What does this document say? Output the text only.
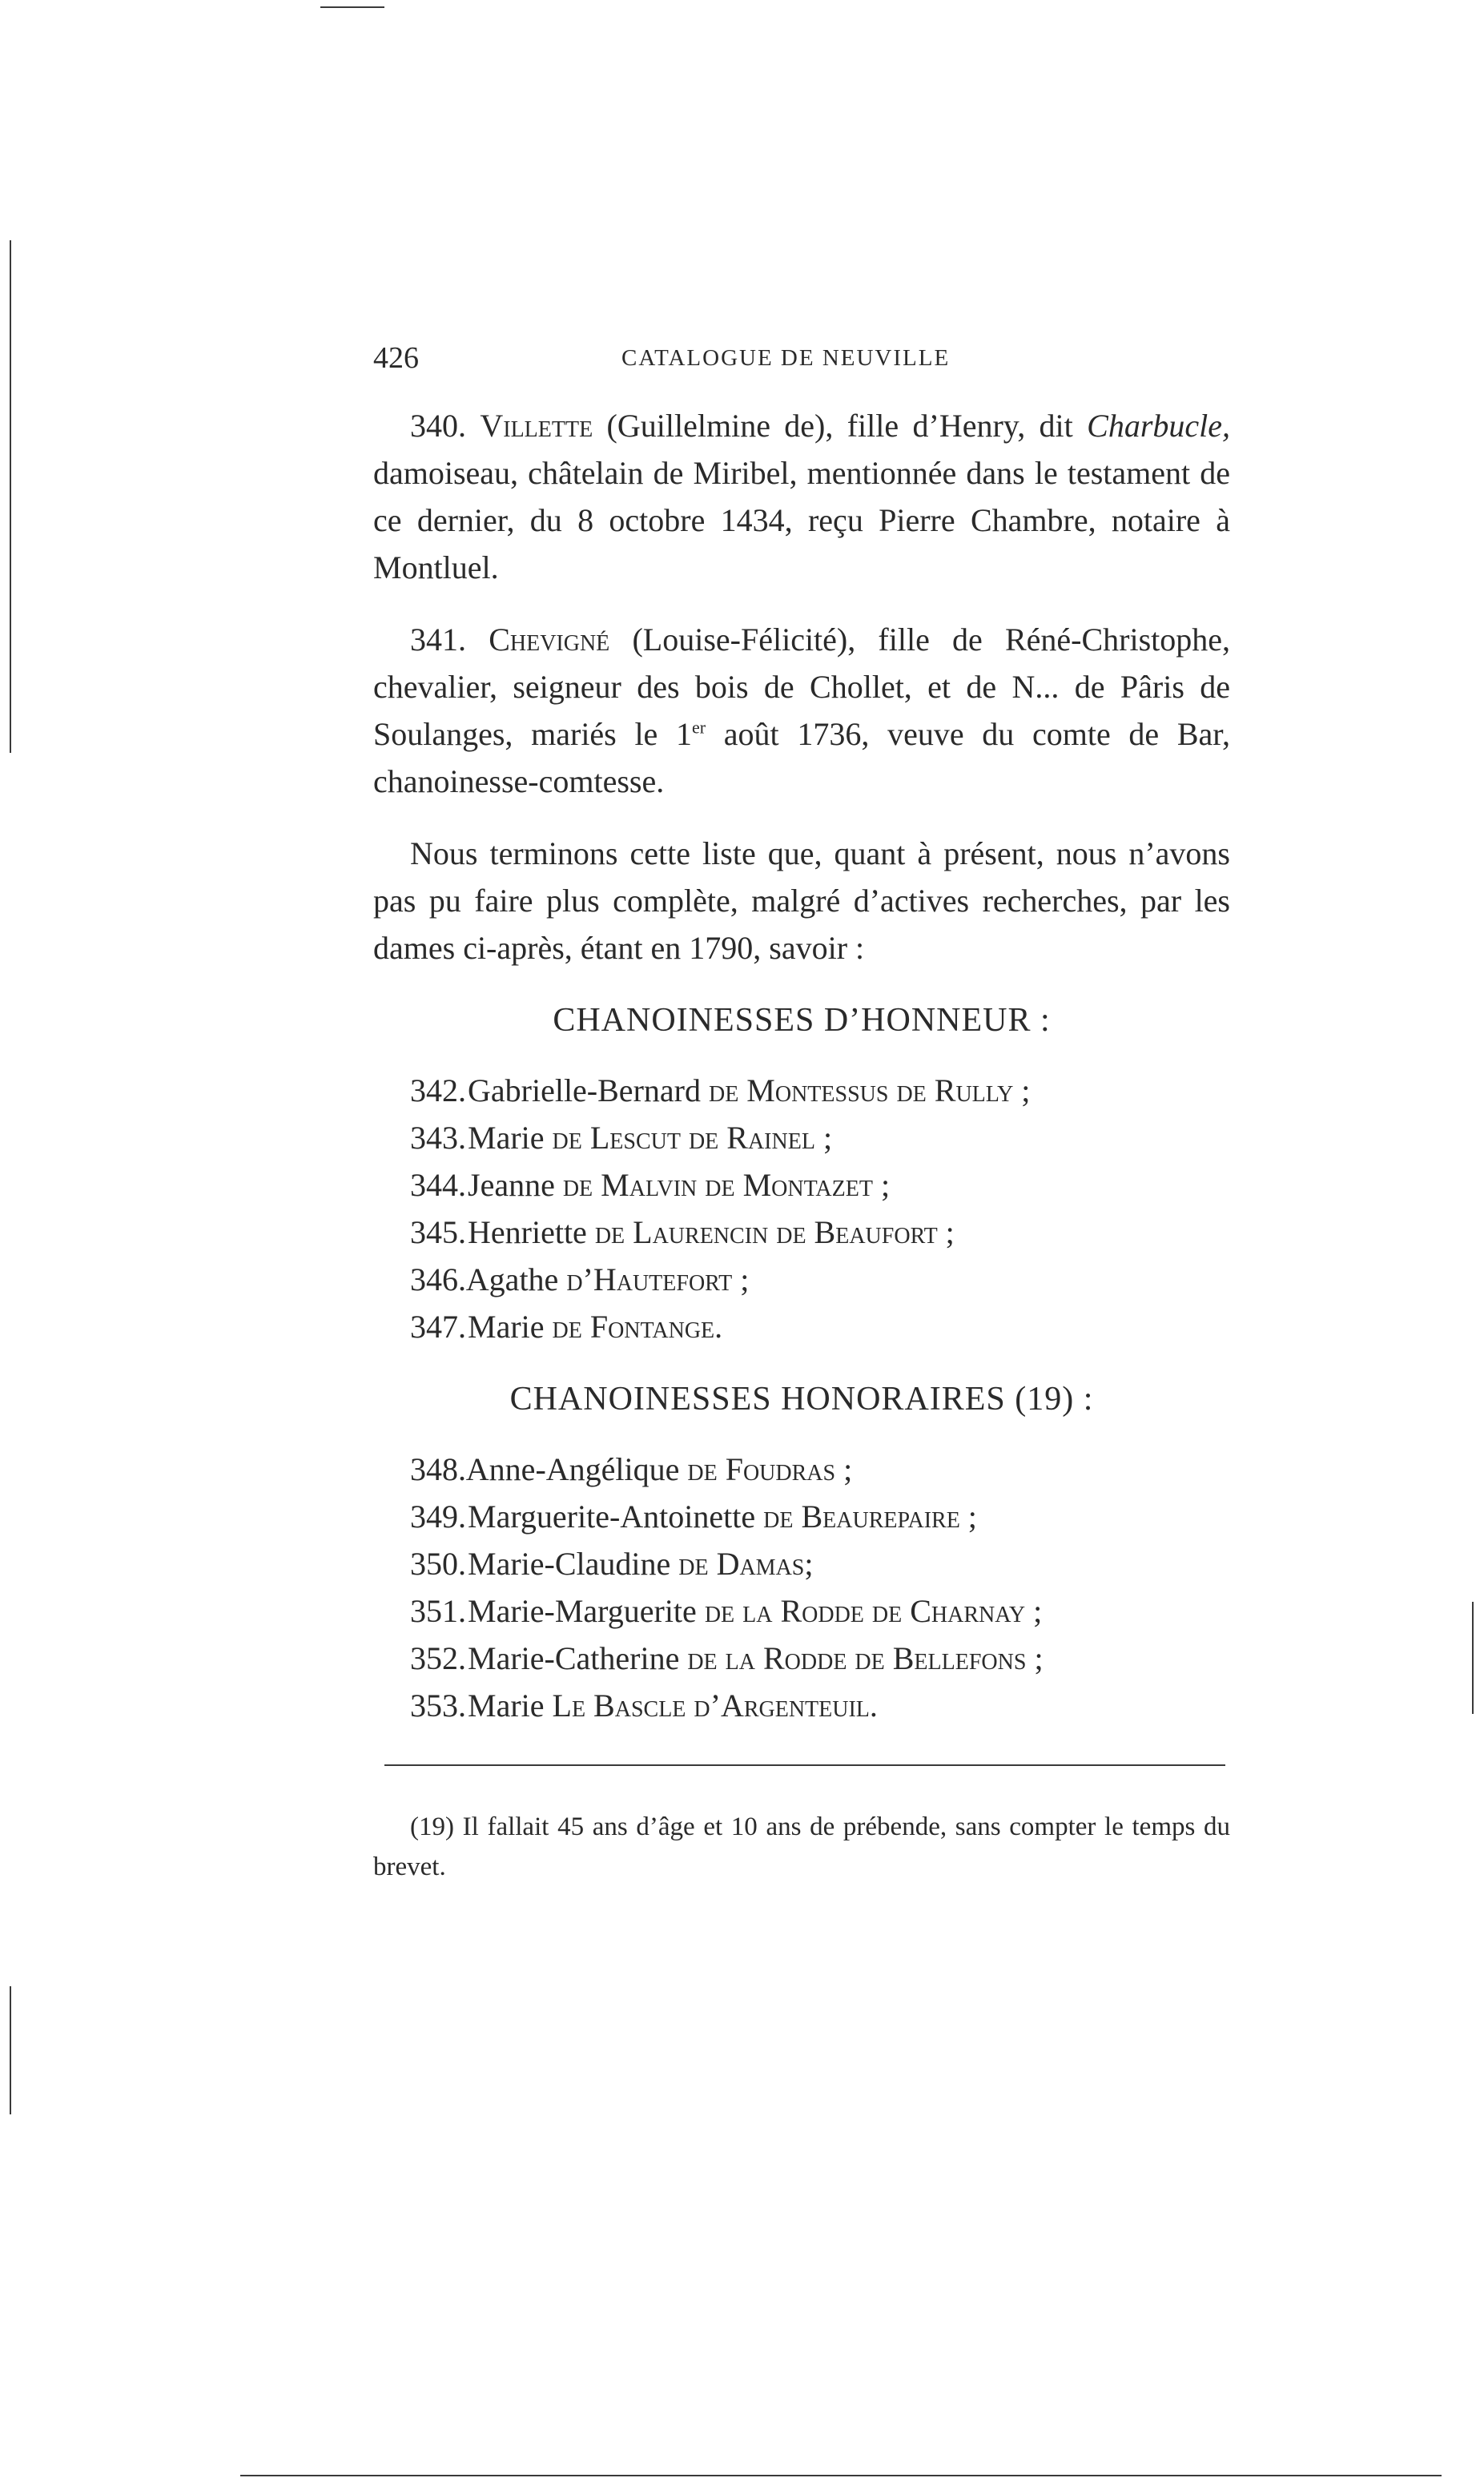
426	CATALOGUE DE NEUVILLE
340. Villette (Guillelmine de), fille d’Henry, dit Charbucle, damoiseau, châtelain de Miribel, mentionnée dans le testament de ce dernier, du 8 octobre 1434, reçu Pierre Chambre, notaire à Montluel.
341. Chevigné (Louise-Félicité), fille de Réné-Christophe, chevalier, seigneur des bois de Chollet, et de N... de Pâris de Soulanges, mariés le 1er août 1736, veuve du comte de Bar, chanoinesse-comtesse.
Nous terminons cette liste que, quant à présent, nous n’avons pas pu faire plus complète, malgré d’actives recherches, par les dames ci-après, étant en 1790, savoir :
CHANOINESSES D’HONNEUR :
342. Gabrielle-Bernard de Montessus de Rully ;
343. Marie de Lescut de Rainel ;
344. Jeanne de Malvin de Montazet ;
345. Henriette de Laurencin de Beaufort ;
346. Agathe d’Hautefort ;
347. Marie de Fontange.
CHANOINESSES HONORAIRES (19) :
348. Anne-Angélique de Foudras ;
349. Marguerite-Antoinette de Beaurepaire ;
350. Marie-Claudine de Damas;
351. Marie-Marguerite de la Rodde de Charnay ;
352. Marie-Catherine de la Rodde de Bellefons ;
353. Marie Le Bascle d’Argenteuil.
(19) Il fallait 45 ans d’âge et 10 ans de prébende, sans compter le temps du brevet.
